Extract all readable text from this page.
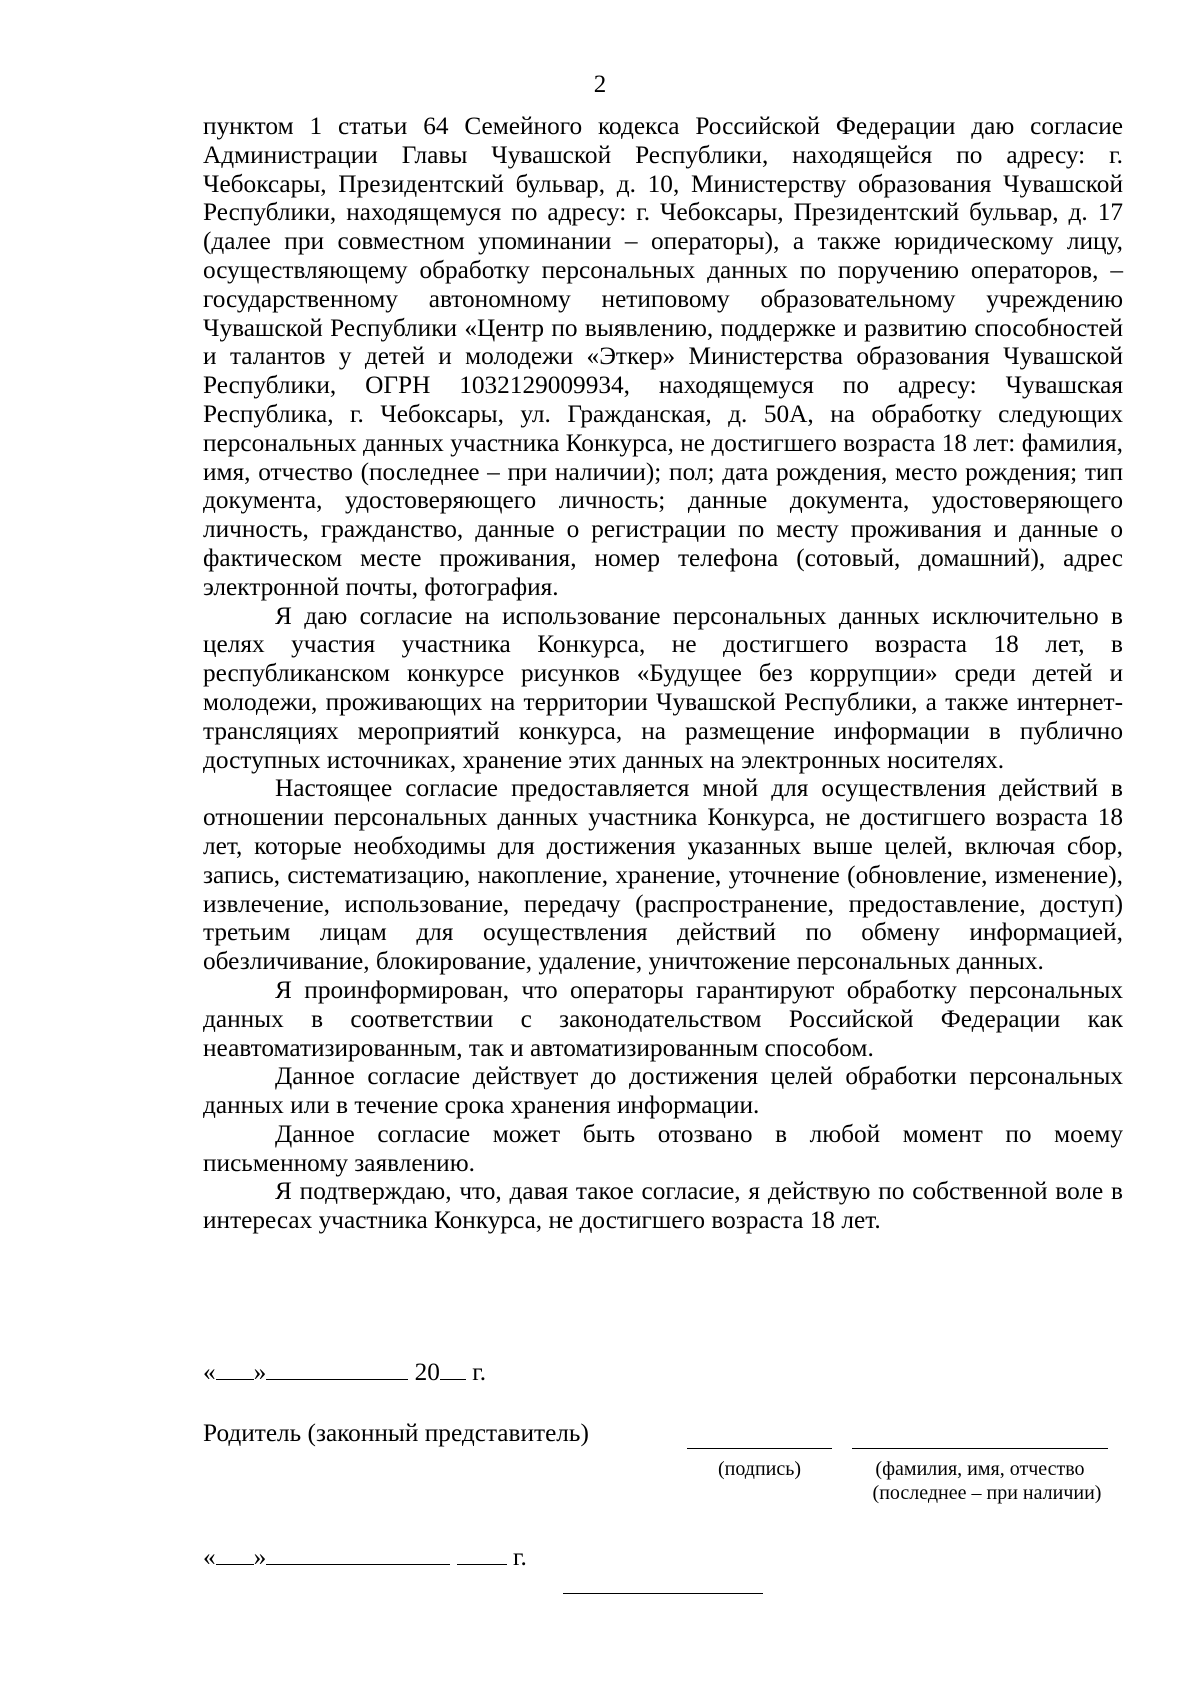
2

пунктом 1 статьи 64 Семейного кодекса Российской Федерации даю согласие Администрации Главы Чувашской Республики, находящейся по адресу: г. Чебоксары, Президентский бульвар, д. 10, Министерству образования Чувашской Республики, находящемуся по адресу: г. Чебоксары, Президентский бульвар, д. 17 (далее при совместном упоминании – операторы), а также юридическому лицу, осуществляющему обработку персональных данных по поручению операторов, – государственному автономному нетиповому образовательному учреждению Чувашской Республики «Центр по выявлению, поддержке и развитию способностей и талантов у детей и молодежи «Эткер» Министерства образования Чувашской Республики, ОГРН 1032129009934, находящемуся по адресу: Чувашская Республика, г. Чебоксары, ул. Гражданская, д. 50А, на обработку следующих персональных данных участника Конкурса, не достигшего возраста 18 лет: фамилия, имя, отчество (последнее – при наличии); пол; дата рождения, место рождения; тип документа, удостоверяющего личность; данные документа, удостоверяющего личность, гражданство, данные о регистрации по месту проживания и данные о фактическом месте проживания, номер телефона (сотовый, домашний), адрес электронной почты, фотография.

Я даю согласие на использование персональных данных исключительно в целях участия участника Конкурса, не достигшего возраста 18 лет, в республиканском конкурсе рисунков «Будущее без коррупции» среди детей и молодежи, проживающих на территории Чувашской Республики, а также интернет-трансляциях мероприятий конкурса, на размещение информации в публично доступных источниках, хранение этих данных на электронных носителях.

Настоящее согласие предоставляется мной для осуществления действий в отношении персональных данных участника Конкурса, не достигшего возраста 18 лет, которые необходимы для достижения указанных выше целей, включая сбор, запись, систематизацию, накопление, хранение, уточнение (обновление, изменение), извлечение, использование, передачу (распространение, предоставление, доступ) третьим лицам для осуществления действий по обмену информацией, обезличивание, блокирование, удаление, уничтожение персональных данных.

Я проинформирован, что операторы гарантируют обработку персональных данных в соответствии с законодательством Российской Федерации как неавтоматизированным, так и автоматизированным способом.

Данное согласие действует до достижения целей обработки персональных данных или в течение срока хранения информации.

Данное согласие может быть отозвано в любой момент по моему письменному заявлению.

Я подтверждаю, что, давая такое согласие, я действую по собственной воле в интересах участника Конкурса, не достигшего возраста 18 лет.

« »	20 г.
Родитель (законный представитель)
(подпись)	(фамилия, имя, отчество
(последнее – при наличии)
« »	г.
